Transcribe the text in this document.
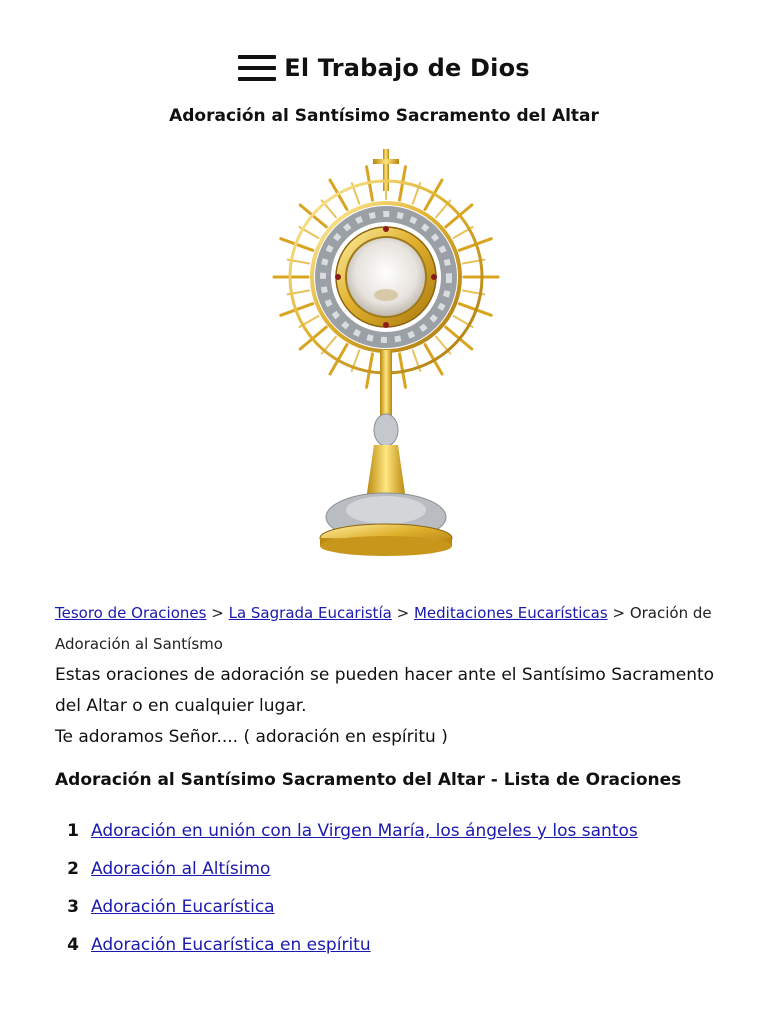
El Trabajo de Dios
Adoración al Santísimo Sacramento del Altar
Tesoro de Oraciones > La Sagrada Eucaristía > Meditaciones Eucarísticas > Oración de Adoración al Santísmo

Estas oraciones de adoración se pueden hacer ante el Santísimo Sacramento del Altar o en cualquier lugar.

Te adoramos Señor.... ( adoración en espíritu )

Adoración al Santísimo Sacramento del Altar - Lista de Oraciones
1 Adoración en unión con la Virgen María, los ángeles y los santos
2 Adoración al Altísimo
3 Adoración Eucarística
4 Adoración Eucarística en espíritu
